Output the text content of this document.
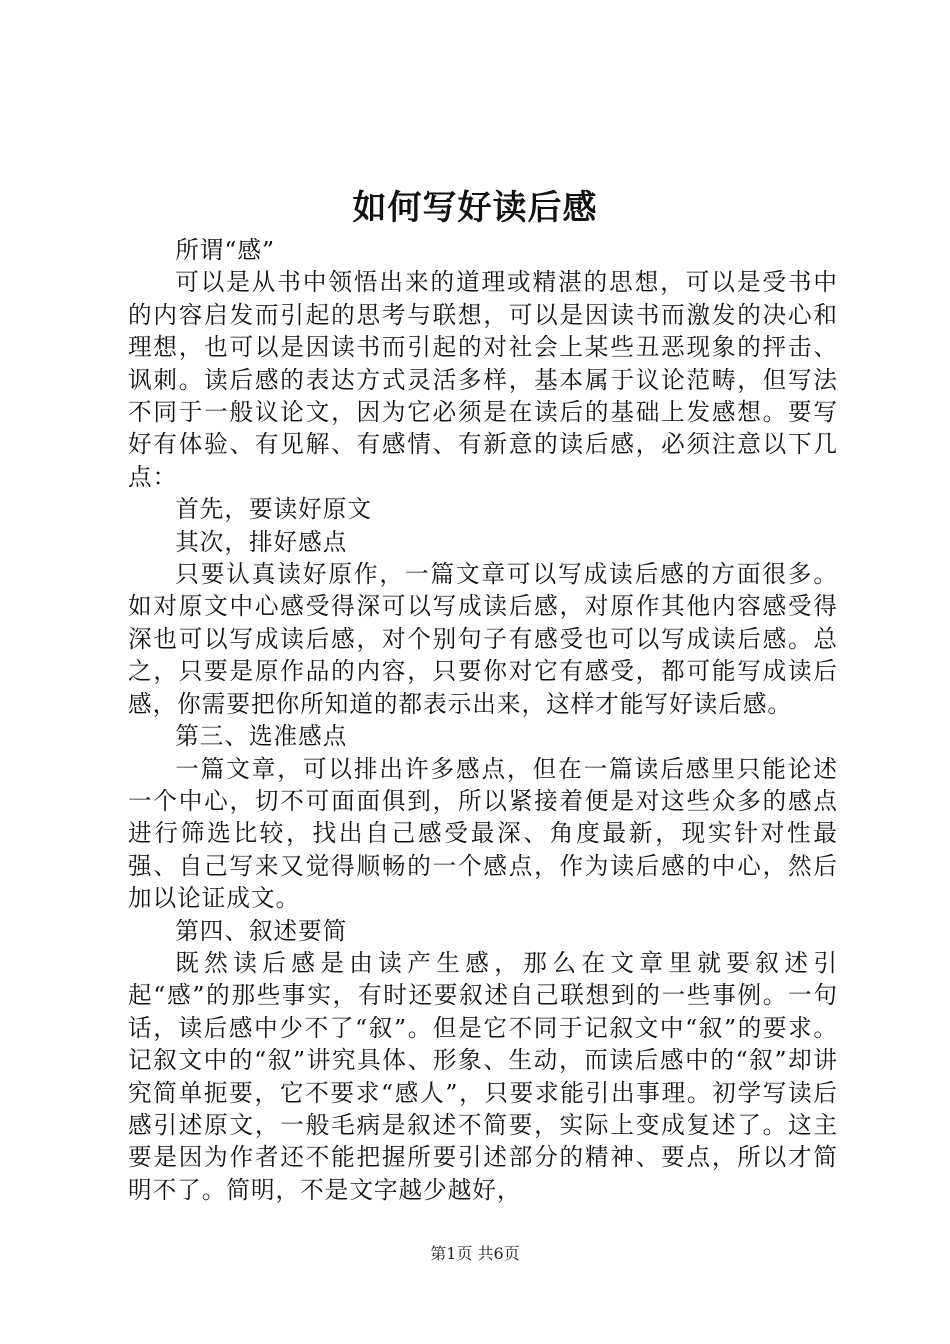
如何写好读后感

所谓“感”

可以是从书中领悟出来的道理或精湛的思想，可以是受书中的内容启发而引起的思考与联想，可以是因读书而激发的决心和理想，也可以是因读书而引起的对社会上某些丑恶现象的抨击、讽刺。读后感的表达方式灵活多样，基本属于议论范畴，但写法不同于一般议论文，因为它必须是在读后的基础上发感想。要写好有体验、有见解、有感情、有新意的读后感，必须注意以下几点：

首先，要读好原文

其次，排好感点

只要认真读好原作，一篇文章可以写成读后感的方面很多。如对原文中心感受得深可以写成读后感，对原作其他内容感受得深也可以写成读后感，对个别句子有感受也可以写成读后感。总之，只要是原作品的内容，只要你对它有感受，都可能写成读后感，你需要把你所知道的都表示出来，这样才能写好读后感。

第三、选准感点

一篇文章，可以排出许多感点，但在一篇读后感里只能论述一个中心，切不可面面俱到，所以紧接着便是对这些众多的感点进行筛选比较，找出自己感受最深、角度最新，现实针对性最强、自己写来又觉得顺畅的一个感点，作为读后感的中心，然后加以论证成文。

第四、叙述要简

既然读后感是由读产生感，那么在文章里就要叙述引起“感”的那些事实，有时还要叙述自己联想到的一些事例。一句话，读后感中少不了“叙”。但是它不同于记叙文中“叙”的要求。记叙文中的“叙”讲究具体、形象、生动，而读后感中的“叙”却讲究简单扼要，它不要求“感人”，只要求能引出事理。初学写读后感引述原文，一般毛病是叙述不简要，实际上变成复述了。这主要是因为作者还不能把握所要引述部分的精神、要点，所以才简明不了。简明，不是文字越少越好，

第1页 共6页
